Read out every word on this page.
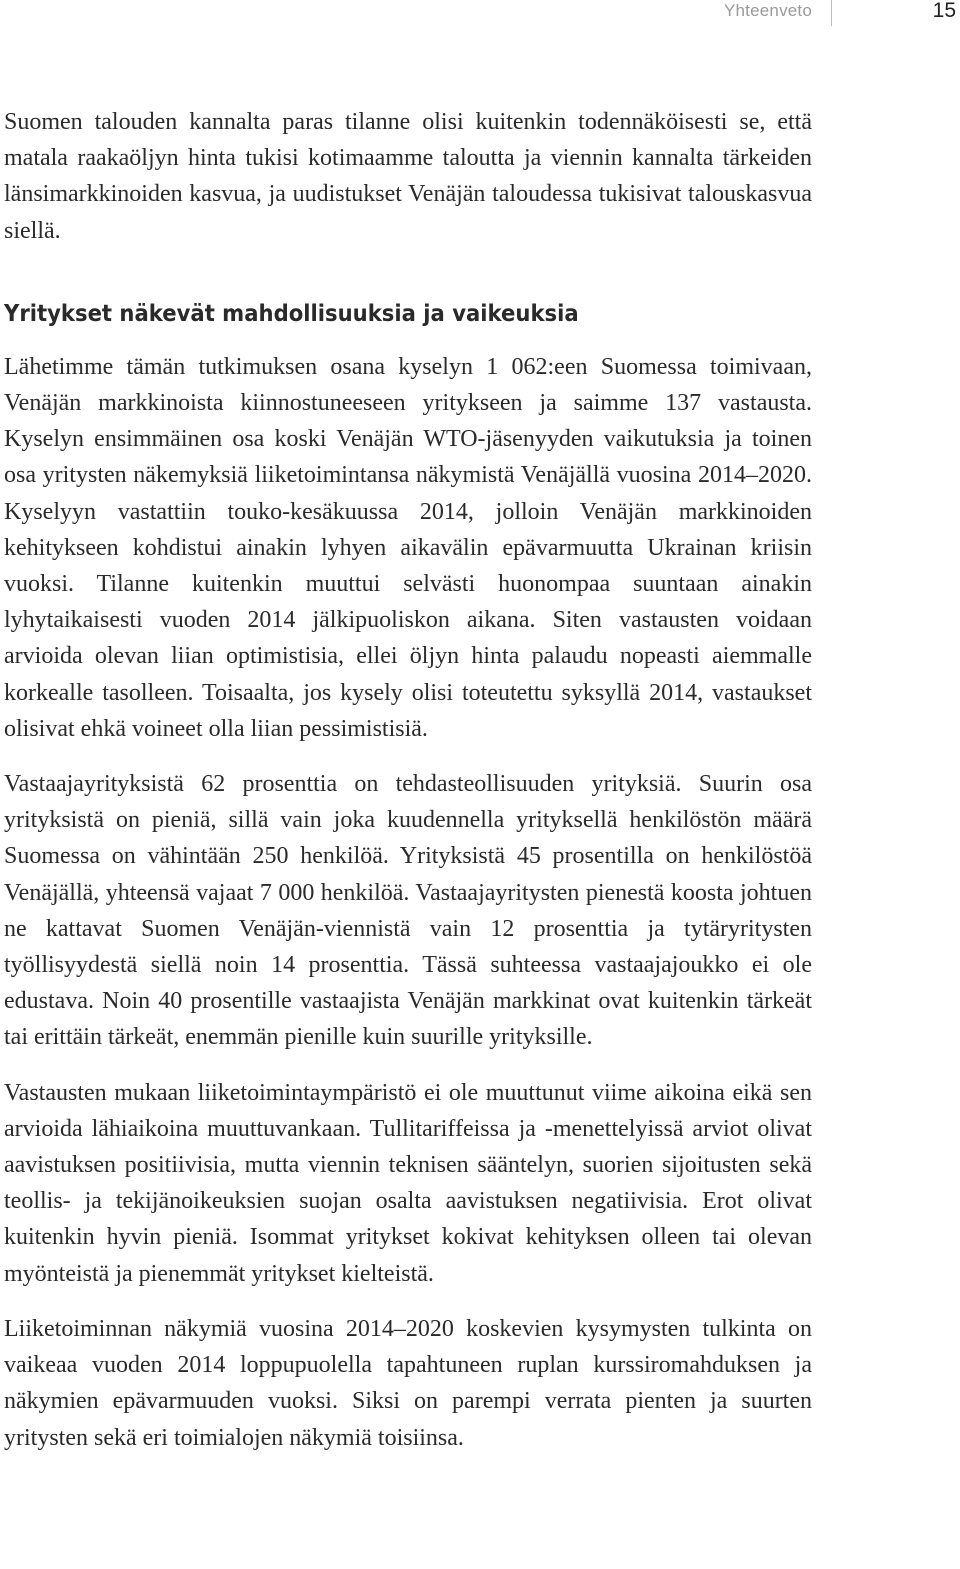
Yhteenveto	15

Suomen talouden kannalta paras tilanne olisi kuitenkin todennäköisesti se, että matala raakaöljyn hinta tukisi kotimaamme taloutta ja viennin kannalta tärkeiden länsimarkkinoiden kasvua, ja uudistukset Venäjän taloudessa tukisivat talouskasvua siellä.

Yritykset näkevät mahdollisuuksia ja vaikeuksia

Lähetimme tämän tutkimuksen osana kyselyn 1 062:een Suomessa toimivaan, Venäjän markkinoista kiinnostuneeseen yritykseen ja saimme 137 vastausta. Kyselyn ensimmäinen osa koski Venäjän WTO-jäsenyyden vaikutuksia ja toinen osa yritysten näkemyksiä liiketoimintansa näkymistä Venäjällä vuosina 2014–2020. Kyselyyn vastattiin touko-kesäkuussa 2014, jolloin Venäjän markkinoiden kehitykseen kohdistui ainakin lyhyen aikavälin epävarmuutta Ukrainan kriisin vuoksi. Tilanne kuitenkin muuttui selvästi huonompaa suuntaan ainakin lyhytaikaisesti vuoden 2014 jälkipuoliskon aikana. Siten vastausten voidaan arvioida olevan liian optimistisia, ellei öljyn hinta palaudu nopeasti aiemmalle korkealle tasolleen. Toisaalta, jos kysely olisi toteutettu syksyllä 2014, vastaukset olisivat ehkä voineet olla liian pessimistisiä.

Vastaajayrityksistä 62 prosenttia on tehdasteollisuuden yrityksiä. Suurin osa yrityksistä on pieniä, sillä vain joka kuudennella yrityksellä henkilöstön määrä Suomessa on vähintään 250 henkilöä. Yrityksistä 45 prosentilla on henkilöstöä Venäjällä, yhteensä vajaat 7 000 henkilöä. Vastaajayritysten pienestä koosta johtuen ne kattavat Suomen Venäjän-viennistä vain 12 prosenttia ja tytäryritysten työllisyydestä siellä noin 14 prosenttia. Tässä suhteessa vastaajajoukko ei ole edustava. Noin 40 prosentille vastaajista Venäjän markkinat ovat kuitenkin tärkeät tai erittäin tärkeät, enemmän pienille kuin suurille yrityksille.

Vastausten mukaan liiketoimintaympäristö ei ole muuttunut viime aikoina eikä sen arvioida lähiaikoina muuttuvankaan. Tullitariffeissa ja -menettelyissä arviot olivat aavistuksen positiivisia, mutta viennin teknisen sääntelyn, suorien sijoitusten sekä teollis- ja tekijänoikeuksien suojan osalta aavistuksen negatiivisia. Erot olivat kuitenkin hyvin pieniä. Isommat yritykset kokivat kehityksen olleen tai olevan myönteistä ja pienemmät yritykset kielteistä.

Liiketoiminnan näkymiä vuosina 2014–2020 koskevien kysymysten tulkinta on vaikeaa vuoden 2014 loppupuolella tapahtuneen ruplan kurssiromahduksen ja näkymien epävarmuuden vuoksi. Siksi on parempi verrata pienten ja suurten yritysten sekä eri toimialojen näkymiä toisiinsa.
